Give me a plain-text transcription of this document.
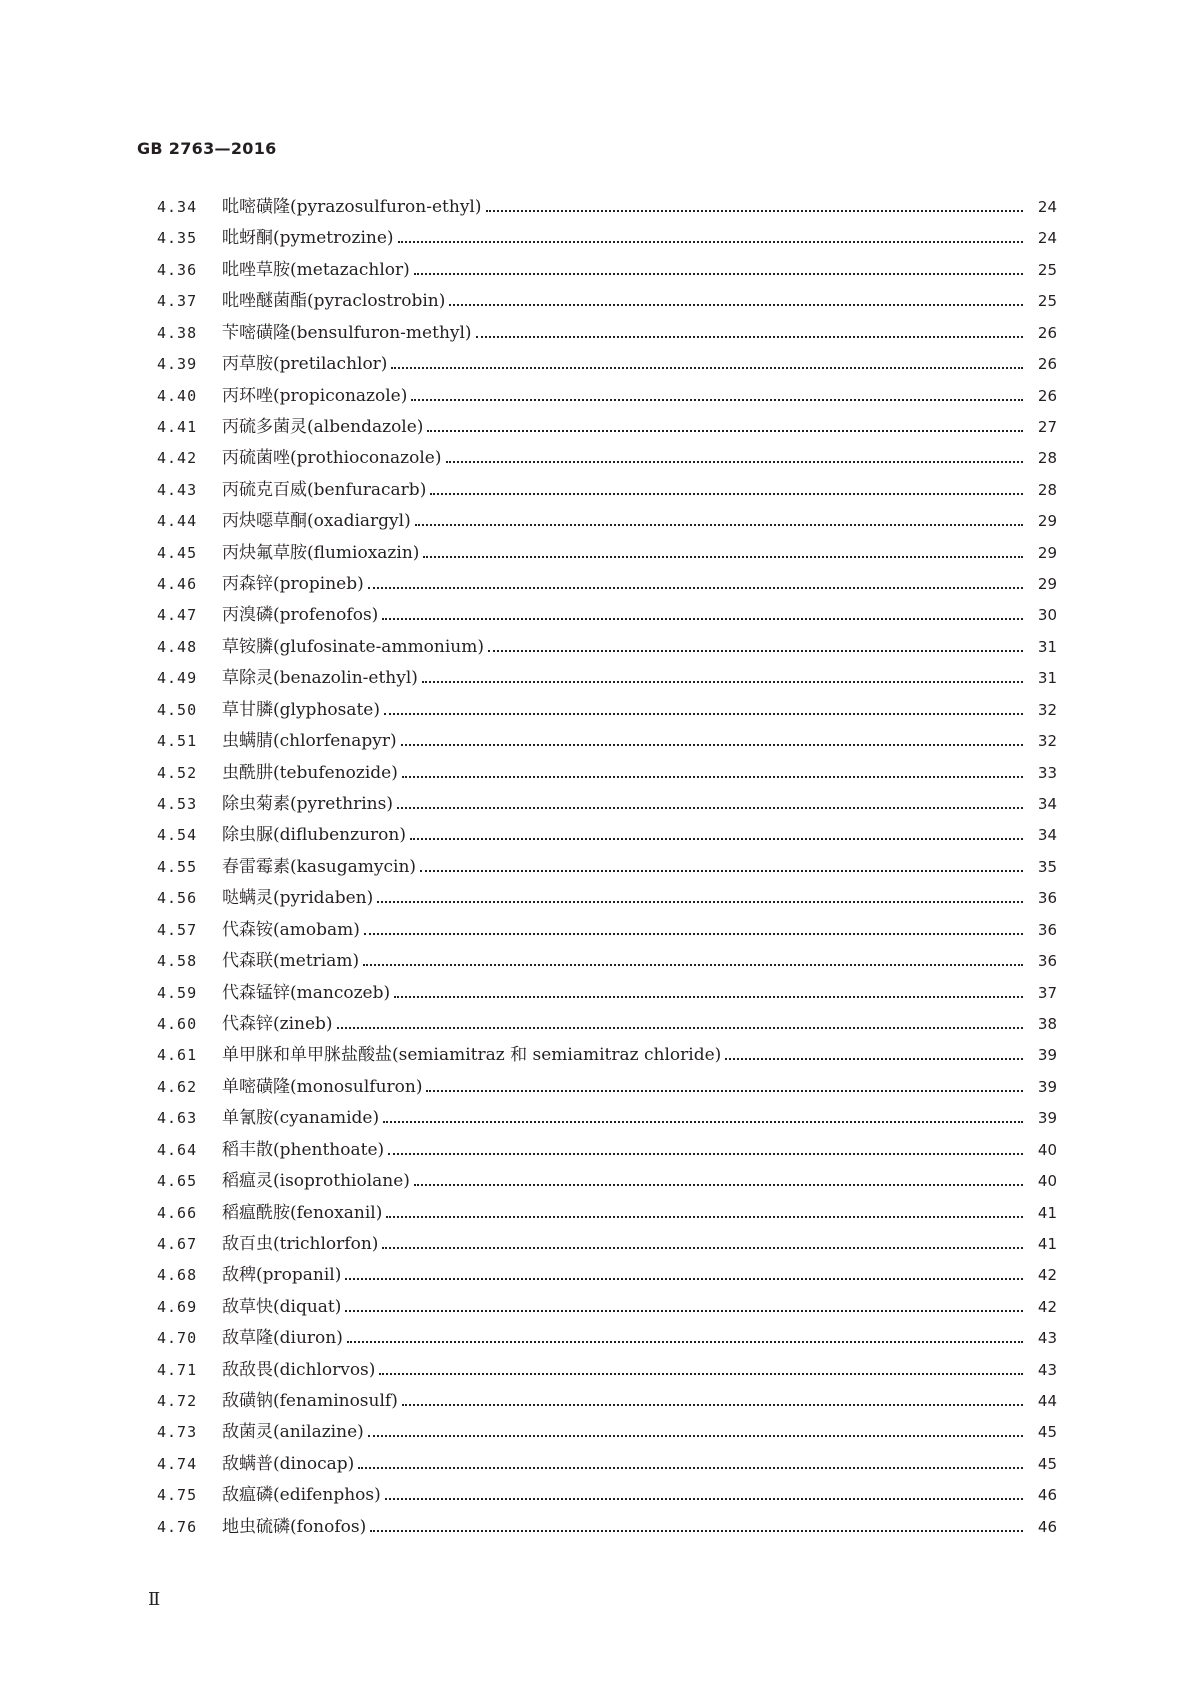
GB 2763—2016
4.34	吡嘧磺隆(pyrazosulfuron-ethyl)	24
4.35	吡蚜酮(pymetrozine)	24
4.36	吡唑草胺(metazachlor)	25
4.37	吡唑醚菌酯(pyraclostrobin)	25
4.38	苄嘧磺隆(bensulfuron-methyl)	26
4.39	丙草胺(pretilachlor)	26
4.40	丙环唑(propiconazole)	26
4.41	丙硫多菌灵(albendazole)	27
4.42	丙硫菌唑(prothioconazole)	28
4.43	丙硫克百威(benfuracarb)	28
4.44	丙炔噁草酮(oxadiargyl)	29
4.45	丙炔氟草胺(flumioxazin)	29
4.46	丙森锌(propineb)	29
4.47	丙溴磷(profenofos)	30
4.48	草铵膦(glufosinate-ammonium)	31
4.49	草除灵(benazolin-ethyl)	31
4.50	草甘膦(glyphosate)	32
4.51	虫螨腈(chlorfenapyr)	32
4.52	虫酰肼(tebufenozide)	33
4.53	除虫菊素(pyrethrins)	34
4.54	除虫脲(diflubenzuron)	34
4.55	春雷霉素(kasugamycin)	35
4.56	哒螨灵(pyridaben)	36
4.57	代森铵(amobam)	36
4.58	代森联(metriam)	36
4.59	代森锰锌(mancozeb)	37
4.60	代森锌(zineb)	38
4.61	单甲脒和单甲脒盐酸盐(semiamitraz 和 semiamitraz chloride)	39
4.62	单嘧磺隆(monosulfuron)	39
4.63	单氰胺(cyanamide)	39
4.64	稻丰散(phenthoate)	40
4.65	稻瘟灵(isoprothiolane)	40
4.66	稻瘟酰胺(fenoxanil)	41
4.67	敌百虫(trichlorfon)	41
4.68	敌稗(propanil)	42
4.69	敌草快(diquat)	42
4.70	敌草隆(diuron)	43
4.71	敌敌畏(dichlorvos)	43
4.72	敌磺钠(fenaminosulf)	44
4.73	敌菌灵(anilazine)	45
4.74	敌螨普(dinocap)	45
4.75	敌瘟磷(edifenphos)	46
4.76	地虫硫磷(fonofos)	46
Ⅱ
